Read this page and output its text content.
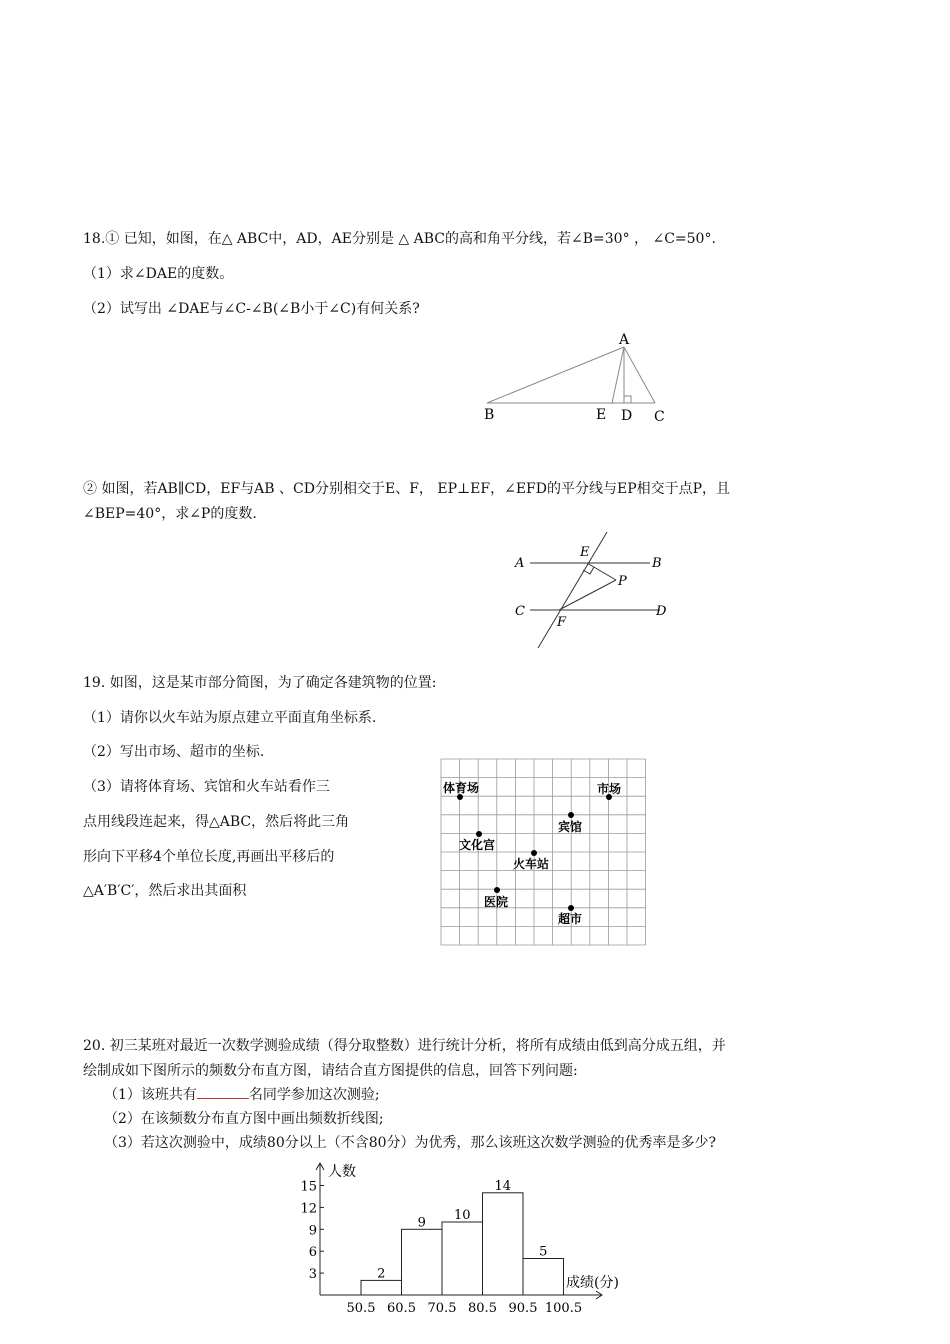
18.① 已知，如图，在△ ABC中，AD，AE分别是 △ ABC的高和角平分线，若∠B=30° ， ∠C=50°.
（1）求∠DAE的度数。
（2）试写出 ∠DAE与∠C-∠B(∠B小于∠C)有何关系?
A
B	E D C
② 如图，若AB∥CD，EF与AB 、CD分别相交于E、F， EP⊥EF，∠EFD的平分线与EP相交于点P，且
∠BEP=40°，求∠P的度数.
A
E
B
P
C
F
D
19. 如图，这是某市部分简图，为了确定各建筑物的位置:
（1）请你以火车站为原点建立平面直角坐标系.
（2）写出市场、超市的坐标.
（3）请将体育场、宾馆和火车站看作三
点用线段连起来，得△ABC，然后将此三角
形向下平移4个单位长度,再画出平移后的
△A′B′C′，然后求出其面积
体育场	市场
宾馆
文化宫
火车站
医院
超市
20. 初三某班对最近一次数学测验成绩（得分取整数）进行统计分析，将所有成绩由低到高分成五组，并
绘制成如下图所示的频数分布直方图，请结合直方图提供的信息，回答下列问题:
（1）该班共有	名同学参加这次测验;
（2）在该频数分布直方图中画出频数折线图;
（3）若这次测验中，成绩80分以上（不含80分）为优秀，那么该班这次数学测验的优秀率是多少?
3
6
9
12
15
2
9 10
14
5
50.5 60.5 70.5 80.5 90.5 100.5
人数
成绩(分)
